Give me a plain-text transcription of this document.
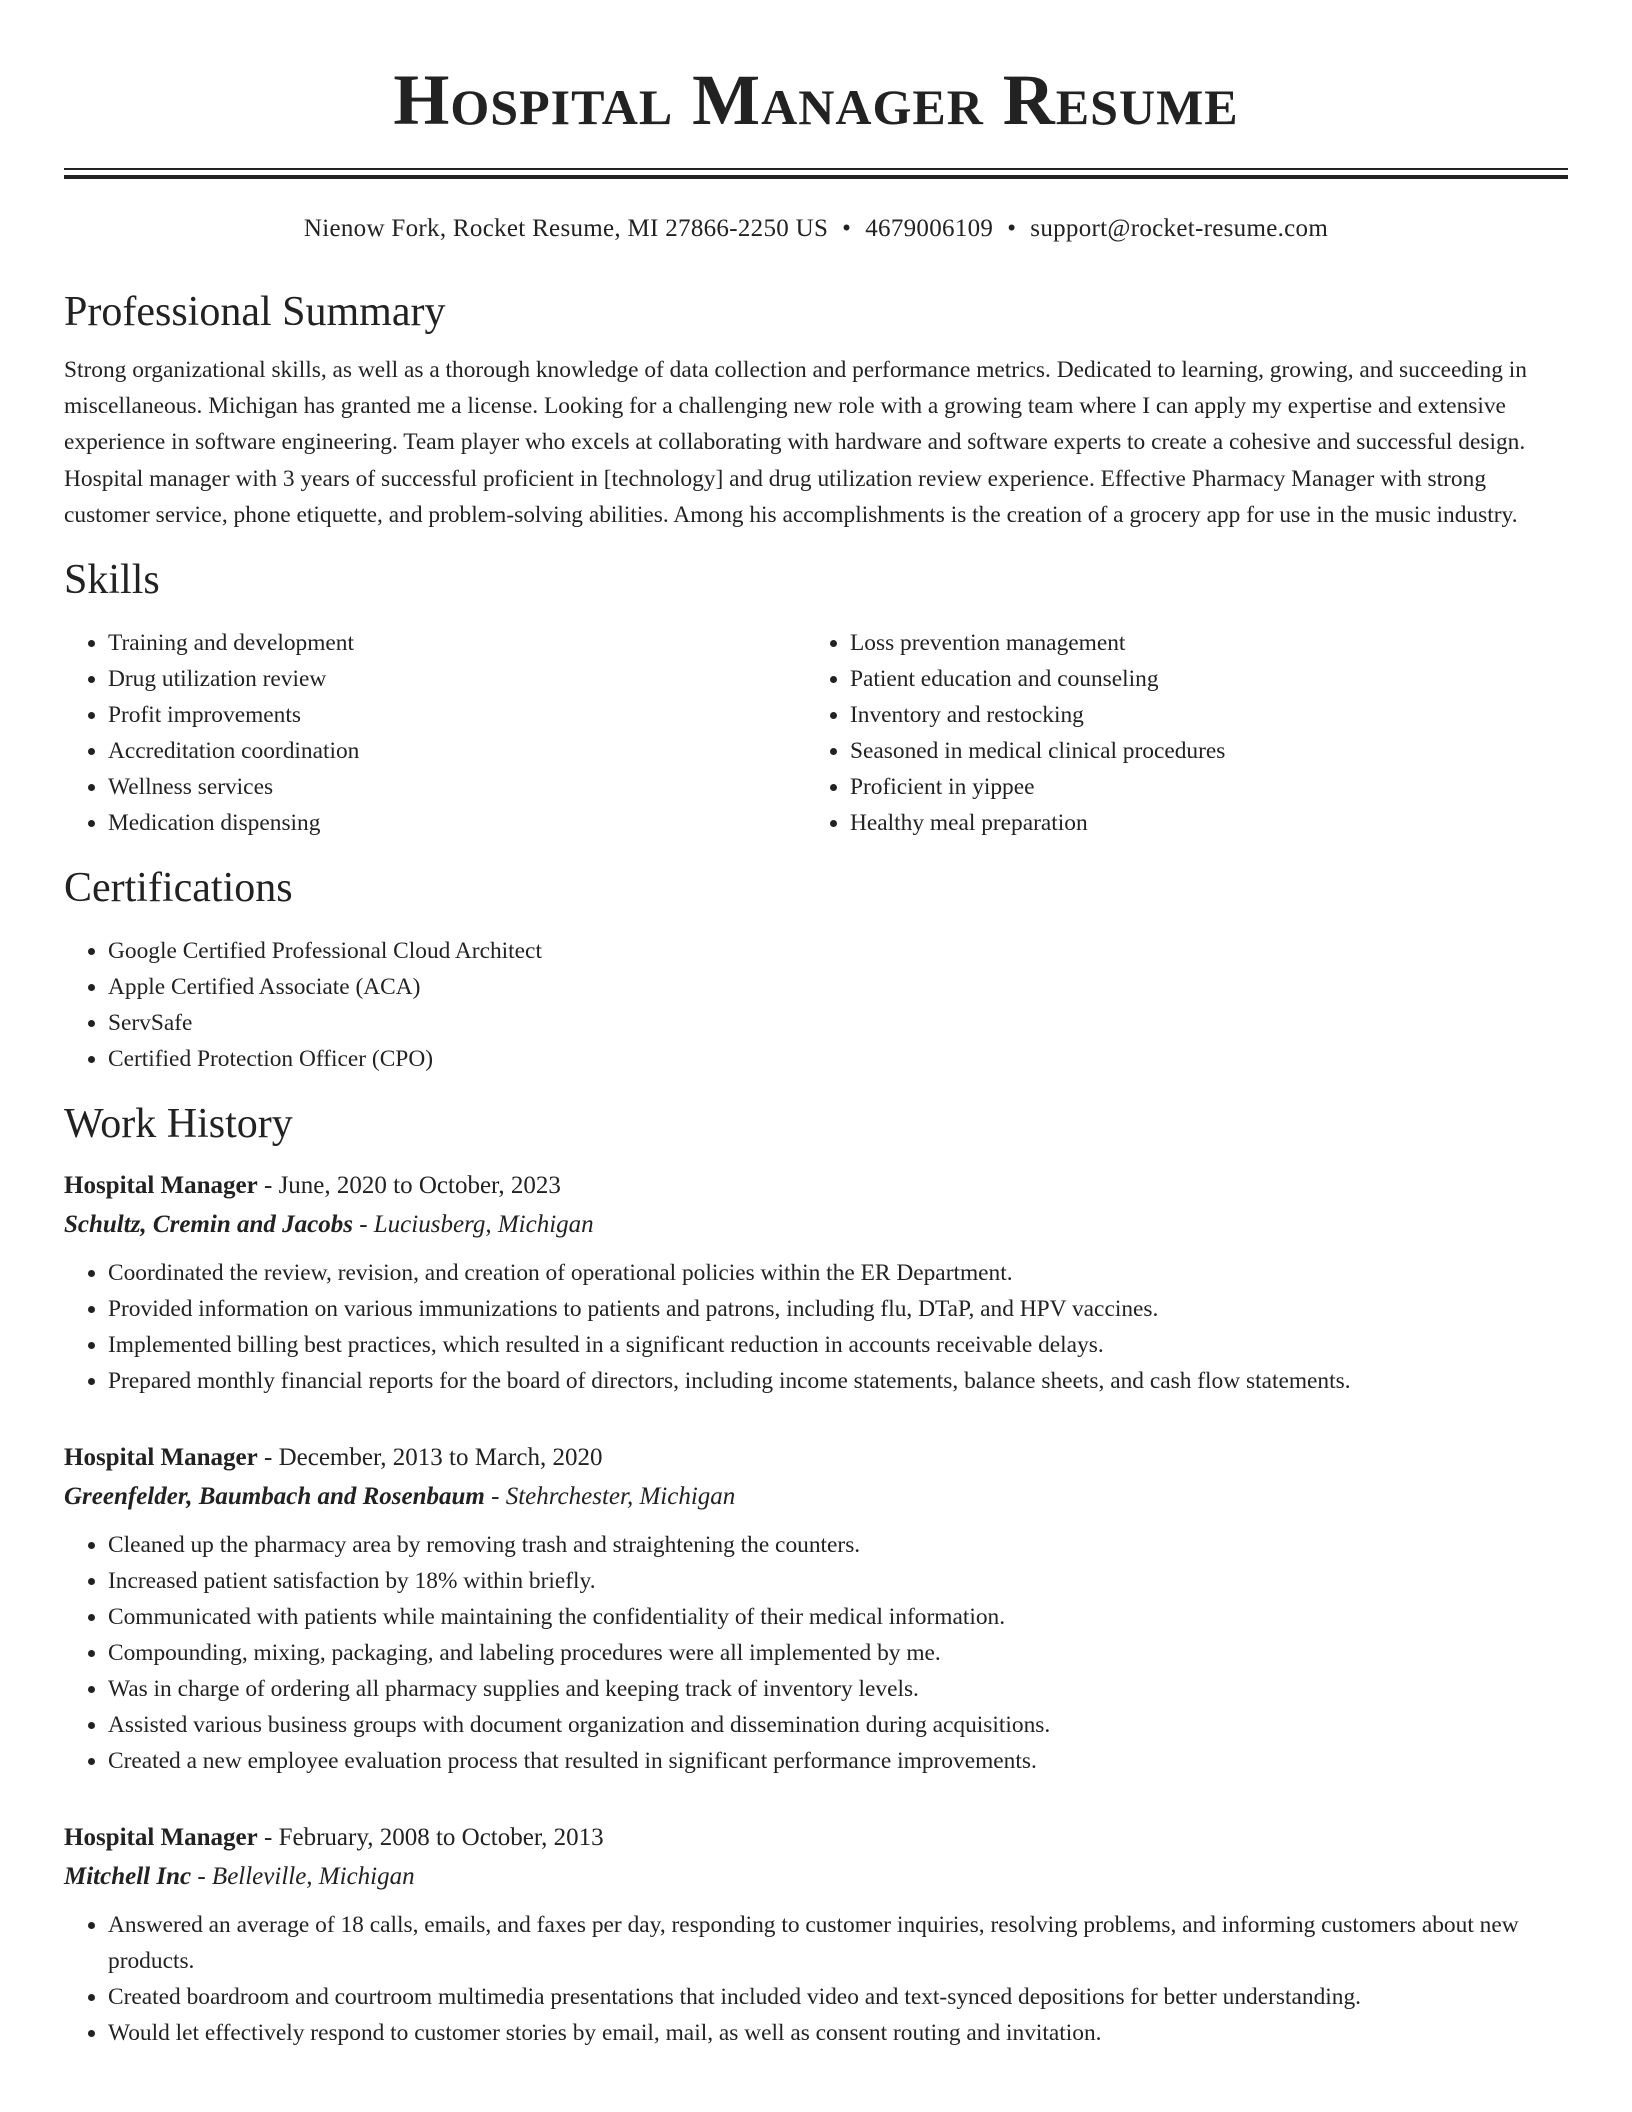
Hospital Manager Resume
Nienow Fork, Rocket Resume, MI 27866-2250 US • 4679006109 • support@rocket-resume.com
Professional Summary

Strong organizational skills, as well as a thorough knowledge of data collection and performance metrics. Dedicated to learning, growing, and succeeding in miscellaneous. Michigan has granted me a license. Looking for a challenging new role with a growing team where I can apply my expertise and extensive experience in software engineering. Team player who excels at collaborating with hardware and software experts to create a cohesive and successful design. Hospital manager with 3 years of successful proficient in [technology] and drug utilization review experience. Effective Pharmacy Manager with strong customer service, phone etiquette, and problem-solving abilities. Among his accomplishments is the creation of a grocery app for use in the music industry.

Skills
• Training and development
• Drug utilization review
• Profit improvements
• Accreditation coordination
• Wellness services
• Medication dispensing
• Loss prevention management
• Patient education and counseling
• Inventory and restocking
• Seasoned in medical clinical procedures
• Proficient in yippee
• Healthy meal preparation
Certifications
• Google Certified Professional Cloud Architect
• Apple Certified Associate (ACA)
• ServSafe
• Certified Protection Officer (CPO)
Work History
Hospital Manager - June, 2020 to October, 2023
Schultz, Cremin and Jacobs - Luciusberg, Michigan
• Coordinated the review, revision, and creation of operational policies within the ER Department.
• Provided information on various immunizations to patients and patrons, including flu, DTaP, and HPV vaccines.
• Implemented billing best practices, which resulted in a significant reduction in accounts receivable delays.
• Prepared monthly financial reports for the board of directors, including income statements, balance sheets, and cash flow statements.
Hospital Manager - December, 2013 to March, 2020
Greenfelder, Baumbach and Rosenbaum - Stehrchester, Michigan
• Cleaned up the pharmacy area by removing trash and straightening the counters.
• Increased patient satisfaction by 18% within briefly.
• Communicated with patients while maintaining the confidentiality of their medical information.
• Compounding, mixing, packaging, and labeling procedures were all implemented by me.
• Was in charge of ordering all pharmacy supplies and keeping track of inventory levels.
• Assisted various business groups with document organization and dissemination during acquisitions.
• Created a new employee evaluation process that resulted in significant performance improvements.
Hospital Manager - February, 2008 to October, 2013
Mitchell Inc - Belleville, Michigan
• Answered an average of 18 calls, emails, and faxes per day, responding to customer inquiries, resolving problems, and informing customers about new products.
• Created boardroom and courtroom multimedia presentations that included video and text-synced depositions for better understanding.
• Would let effectively respond to customer stories by email, mail, as well as consent routing and invitation.
